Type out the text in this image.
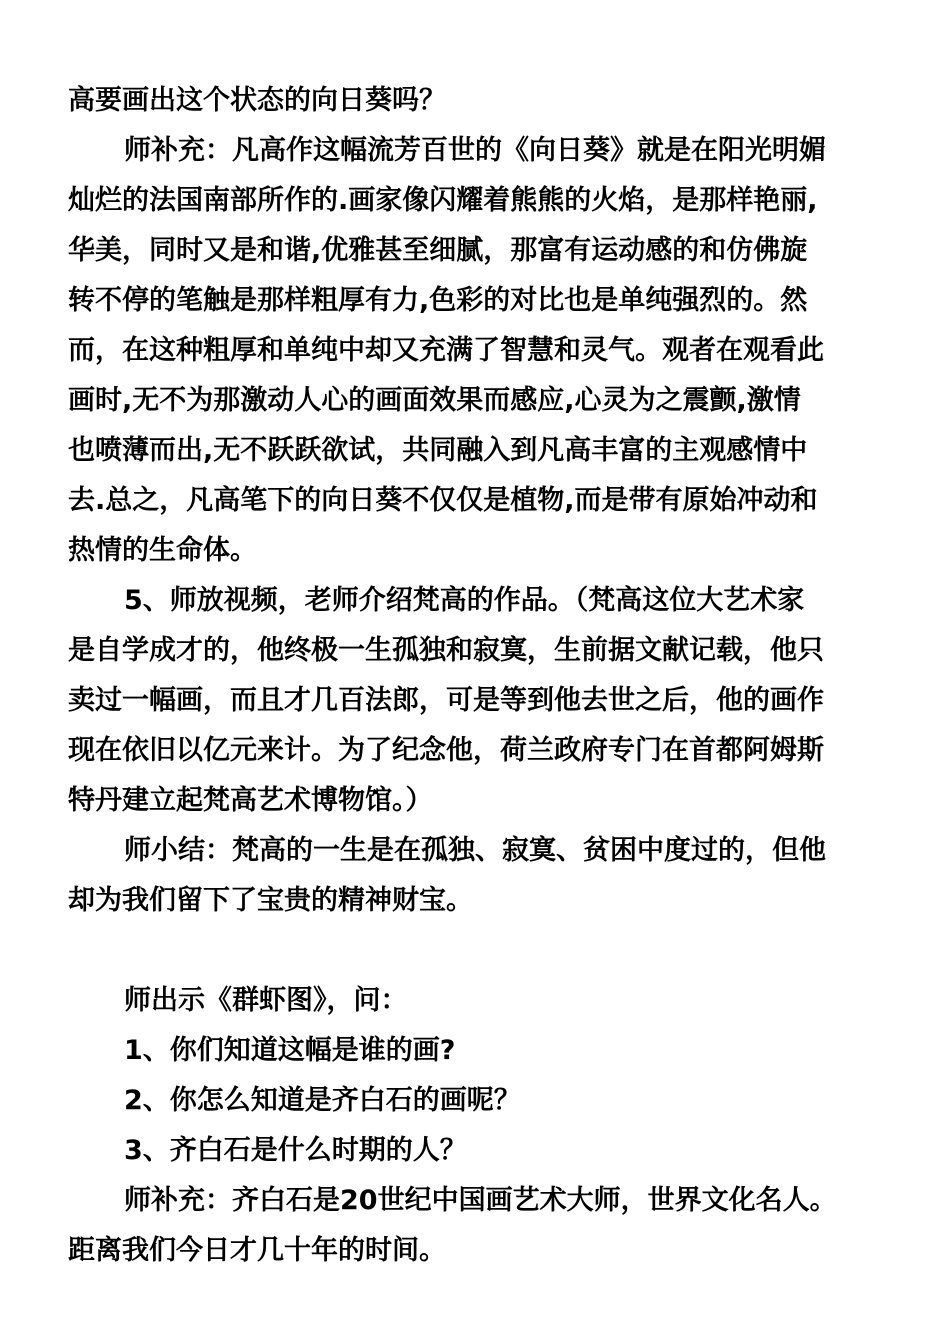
高要画出这个状态的向日葵吗？
师补充：凡高作这幅流芳百世的《向日葵》就是在阳光明媚
灿烂的法国南部所作的.画家像闪耀着熊熊的火焰，是那样艳丽,
华美，同时又是和谐,优雅甚至细腻，那富有运动感的和仿佛旋
转不停的笔触是那样粗厚有力,色彩的对比也是单纯强烈的。然
而，在这种粗厚和单纯中却又充满了智慧和灵气。观者在观看此
画时,无不为那激动人心的画面效果而感应,心灵为之震颤,激情
也喷薄而出,无不跃跃欲试，共同融入到凡高丰富的主观感情中
去.总之，凡高笔下的向日葵不仅仅是植物,而是带有原始冲动和
热情的生命体。
5、师放视频，老师介绍梵高的作品。（梵高这位大艺术家
是自学成才的，他终极一生孤独和寂寞，生前据文献记载，他只
卖过一幅画，而且才几百法郎，可是等到他去世之后，他的画作
现在依旧以亿元来计。为了纪念他，荷兰政府专门在首都阿姆斯
特丹建立起梵高艺术博物馆。）
师小结：梵高的一生是在孤独、寂寞、贫困中度过的，但他
却为我们留下了宝贵的精神财宝。
师出示《群虾图》，问：
1、你们知道这幅是谁的画?
2、你怎么知道是齐白石的画呢？
3、齐白石是什么时期的人？
师补充：齐白石是20世纪中国画艺术大师，世界文化名人。
距离我们今日才几十年的时间。
